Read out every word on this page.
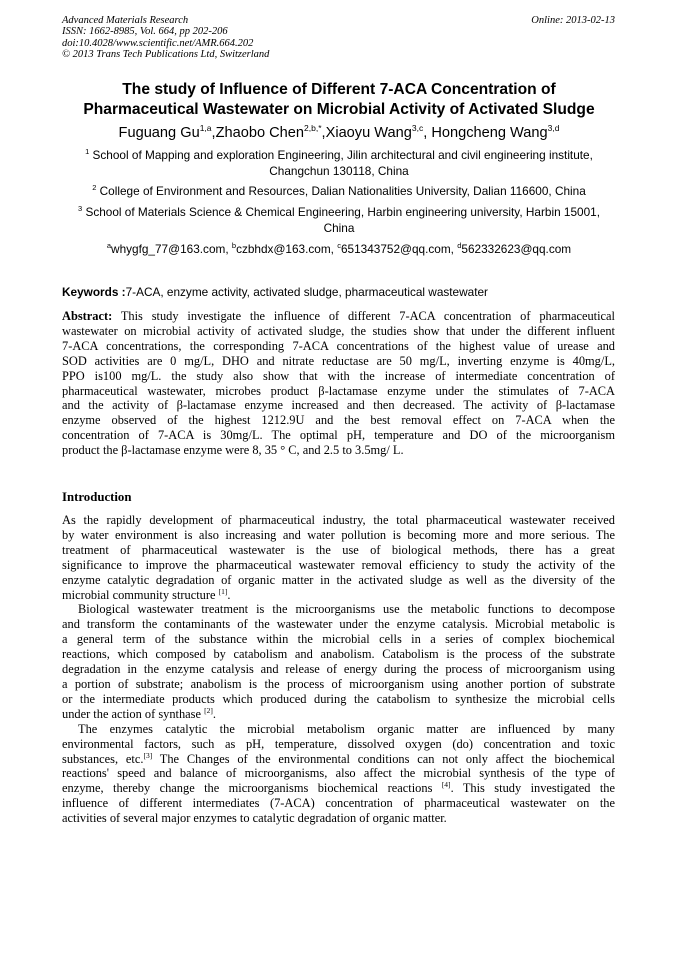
Advanced Materials Research
ISSN: 1662-8985, Vol. 664, pp 202-206
doi:10.4028/www.scientific.net/AMR.664.202
© 2013 Trans Tech Publications Ltd, Switzerland
Online: 2013-02-13
The study of Influence of Different 7-ACA Concentration of
Pharmaceutical Wastewater on Microbial Activity of Activated Sludge
Fuguang Gu$^{1,a}$,Zhaobo Chen$^{2,b,*}$,Xiaoyu Wang$^{3,c}$, Hongcheng Wang$^{3,d}$
$^1$ School of Mapping and exploration Engineering, Jilin architectural and civil engineering institute,
Changchun 130118, China
$^2$ College of Environment and Resources, Dalian Nationalities University, Dalian 116600, China
$^3$ School of Materials Science & Chemical Engineering, Harbin engineering university, Harbin 15001,
China
$^a$whygfg_77@163.com, $^b$czbhdx@163.com, $^c$651343752@qq.com, $^d$562332623@qq.com
Keywords :7-ACA, enzyme activity, activated sludge, pharmaceutical wastewater
Abstract: This study investigate the influence of different 7-ACA concentration of pharmaceutical
wastewater on microbial activity of activated sludge, the studies show that under the different influent
7-ACA concentrations, the corresponding 7-ACA concentrations of the highest value of urease and
SOD activities are 0 mg/L, DHO and nitrate reductase are 50 mg/L, inverting enzyme is 40mg/L,
PPO is100 mg/L. the study also show that with the increase of intermediate concentration of
pharmaceutical wastewater, microbes product β-lactamase enzyme under the stimulates of 7-ACA
and the activity of β-lactamase enzyme increased and then decreased. The activity of β-lactamase
enzyme observed of the highest 1212.9U and the best removal effect on 7-ACA when the
concentration of 7-ACA is 30mg/L. The optimal pH, temperature and DO of the microorganism
product the β-lactamase enzyme were 8, 35 ° C, and 2.5 to 3.5mg/ L.
Introduction
As the rapidly development of pharmaceutical industry, the total pharmaceutical wastewater received
by water environment is also increasing and water pollution is becoming more and more serious. The
treatment of pharmaceutical wastewater is the use of biological methods, there has a great
significance to improve the pharmaceutical wastewater removal efficiency to study the activity of the
enzyme catalytic degradation of organic matter in the activated sludge as well as the diversity of the
microbial community structure [1].
Biological wastewater treatment is the microorganisms use the metabolic functions to decompose
and transform the contaminants of the wastewater under the enzyme catalysis. Microbial metabolic is
a general term of the substance within the microbial cells in a series of complex biochemical
reactions, which composed by catabolism and anabolism. Catabolism is the process of the substrate
degradation in the enzyme catalysis and release of energy during the process of microorganism using
a portion of substrate; anabolism is the process of microorganism using another portion of substrate
or the intermediate products which produced during the catabolism to synthesize the microbial cells
under the action of synthase [2].
The enzymes catalytic the microbial metabolism organic matter are influenced by many
environmental factors, such as pH, temperature, dissolved oxygen (do) concentration and toxic
substances, etc.[3] The Changes of the environmental conditions can not only affect the biochemical
reactions' speed and balance of microorganisms, also affect the microbial synthesis of the type of
enzyme, thereby change the microorganisms biochemical reactions [4]. This study investigated the
influence of different intermediates (7-ACA) concentration of pharmaceutical wastewater on the
activities of several major enzymes to catalytic degradation of organic matter.
